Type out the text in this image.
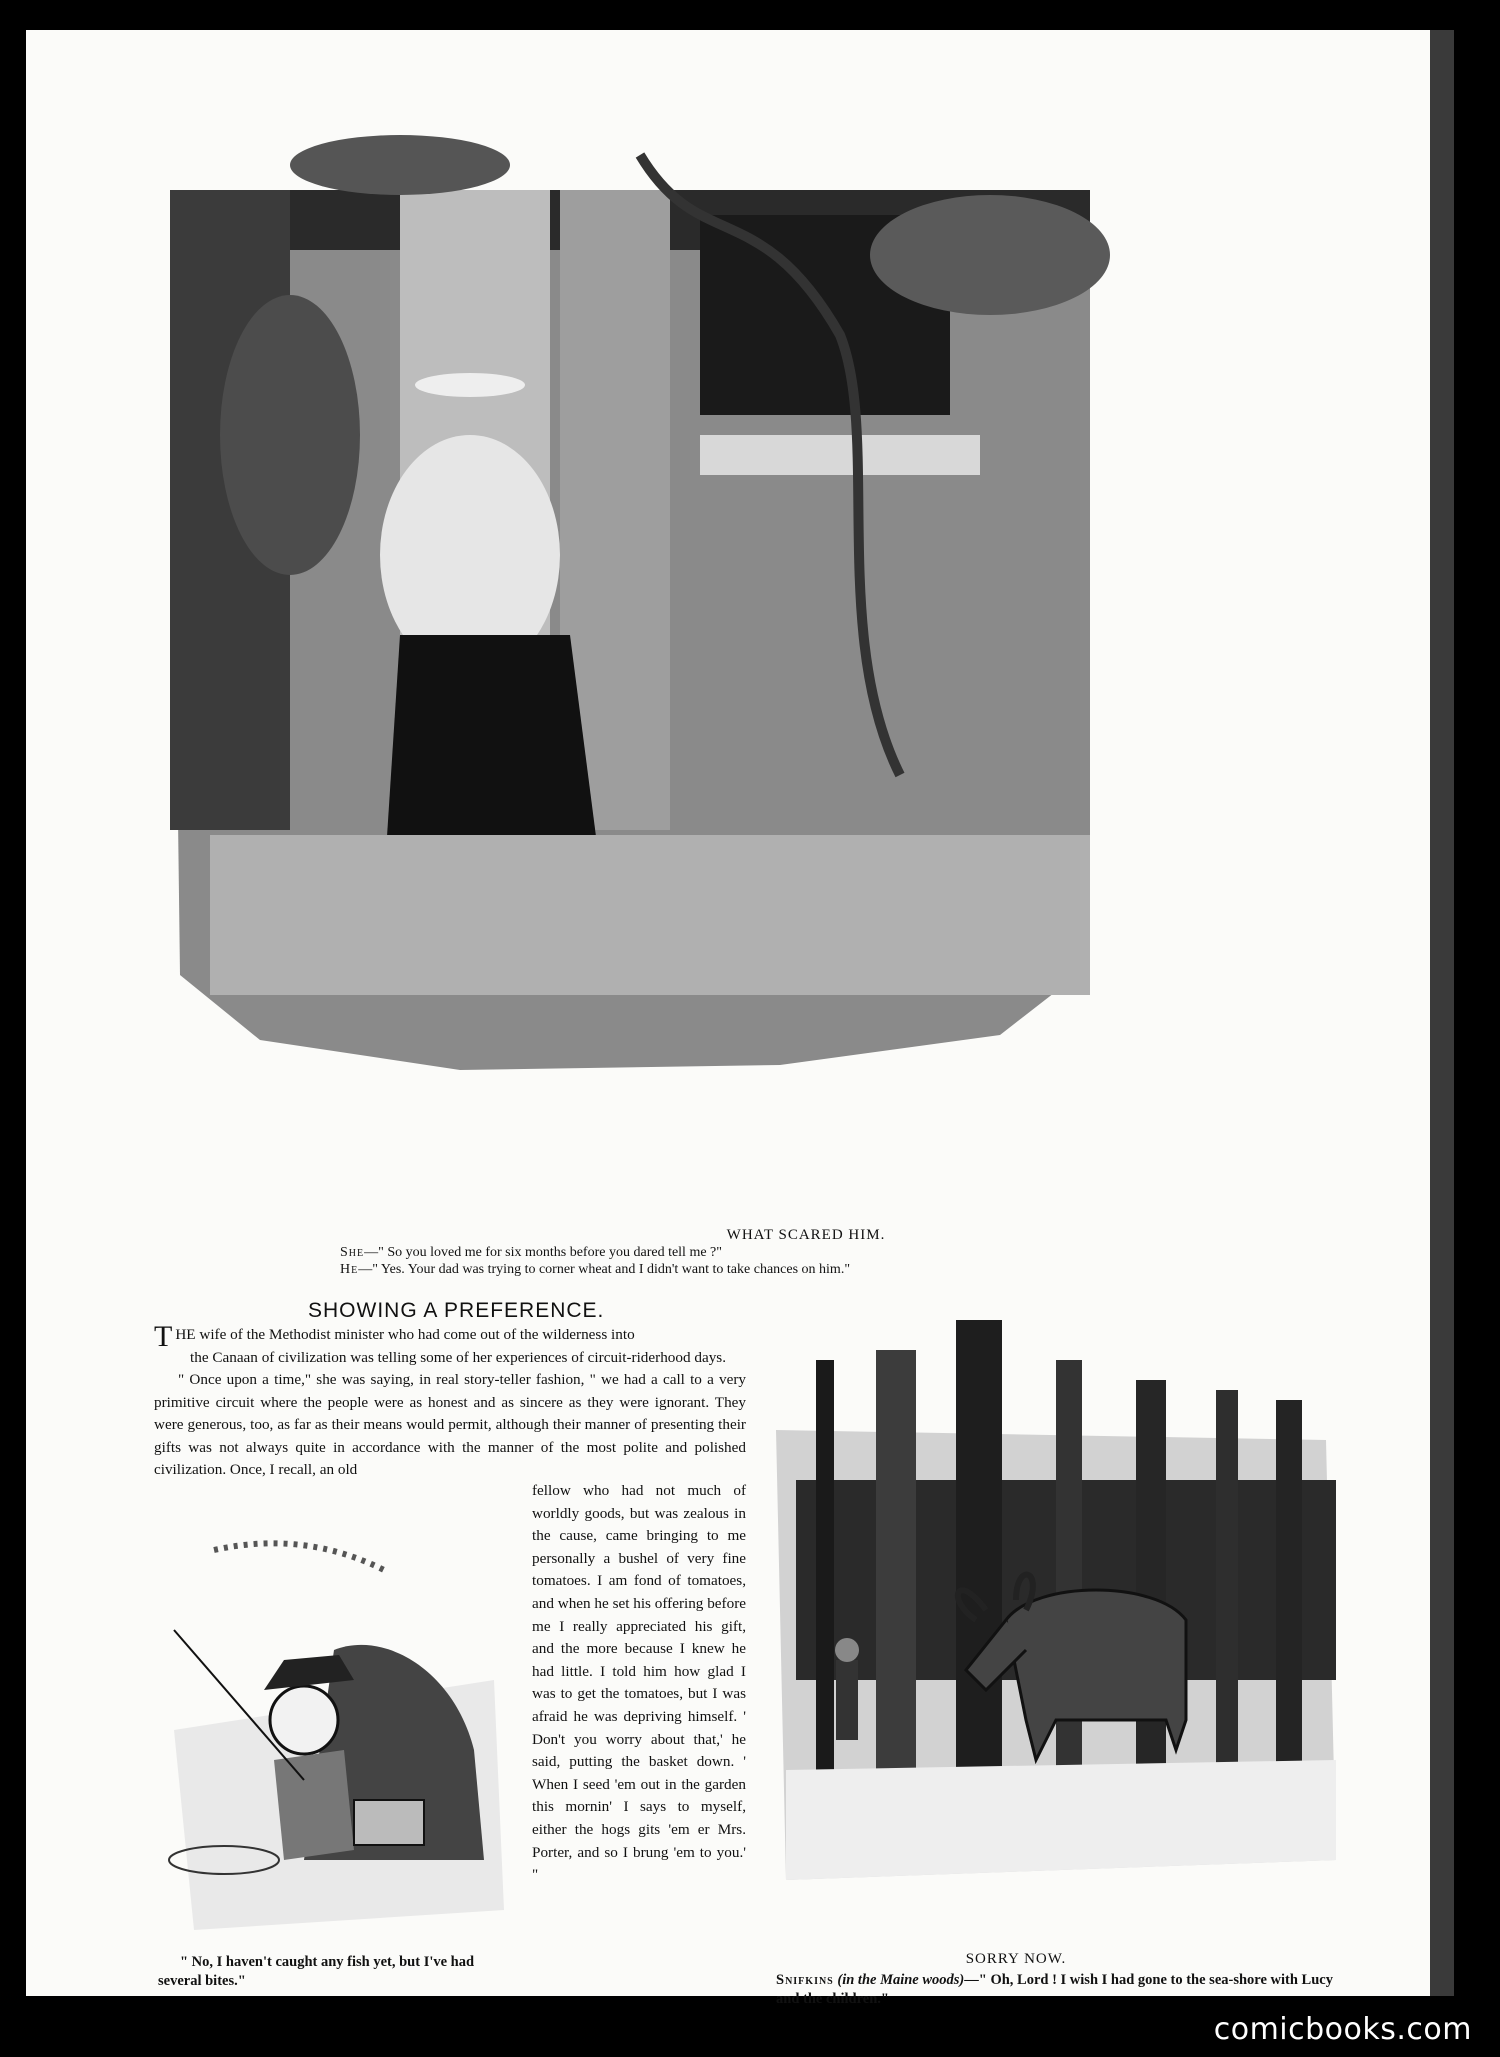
WHAT SCARED HIM.
She—" So you loved me for six months before you dared tell me ?"
He—" Yes. Your dad was trying to corner wheat and I didn't want to take chances on him."
SHOWING A PREFERENCE.

THE wife of the Methodist minister who had come out of the wilderness into

the Canaan of civilization was telling some of her experiences of circuit-riderhood days.

" Once upon a time," she was saying, in real story-teller fashion, " we had a call to a very primitive circuit where the people were as honest and as sincere as they were ignorant. They were generous, too, as far as their means would permit, although their manner of presenting their gifts was not always quite in accordance with the manner of the most polite and polished civilization. Once, I recall, an old

fellow who had not much of worldly goods, but was zealous in the cause, came bringing to me personally a bushel of very fine tomatoes. I am fond of tomatoes, and when he set his offering before me I really appreciated his gift, and the more because I knew he had little. I told him how glad I was to get the tomatoes, but I was afraid he was depriving himself. ' Don't you worry about that,' he said, putting the basket down. ' When I seed 'em out in the garden this mornin' I says to myself, either the hogs gits 'em er Mrs. Porter, and so I brung 'em to you.' "

" No, I haven't caught any fish yet, but I've had several bites."
SORRY NOW.
Snifkins (in the Maine woods)—" Oh, Lord ! I wish I had gone to the sea-shore with Lucy and the children."
comicbooks.com
